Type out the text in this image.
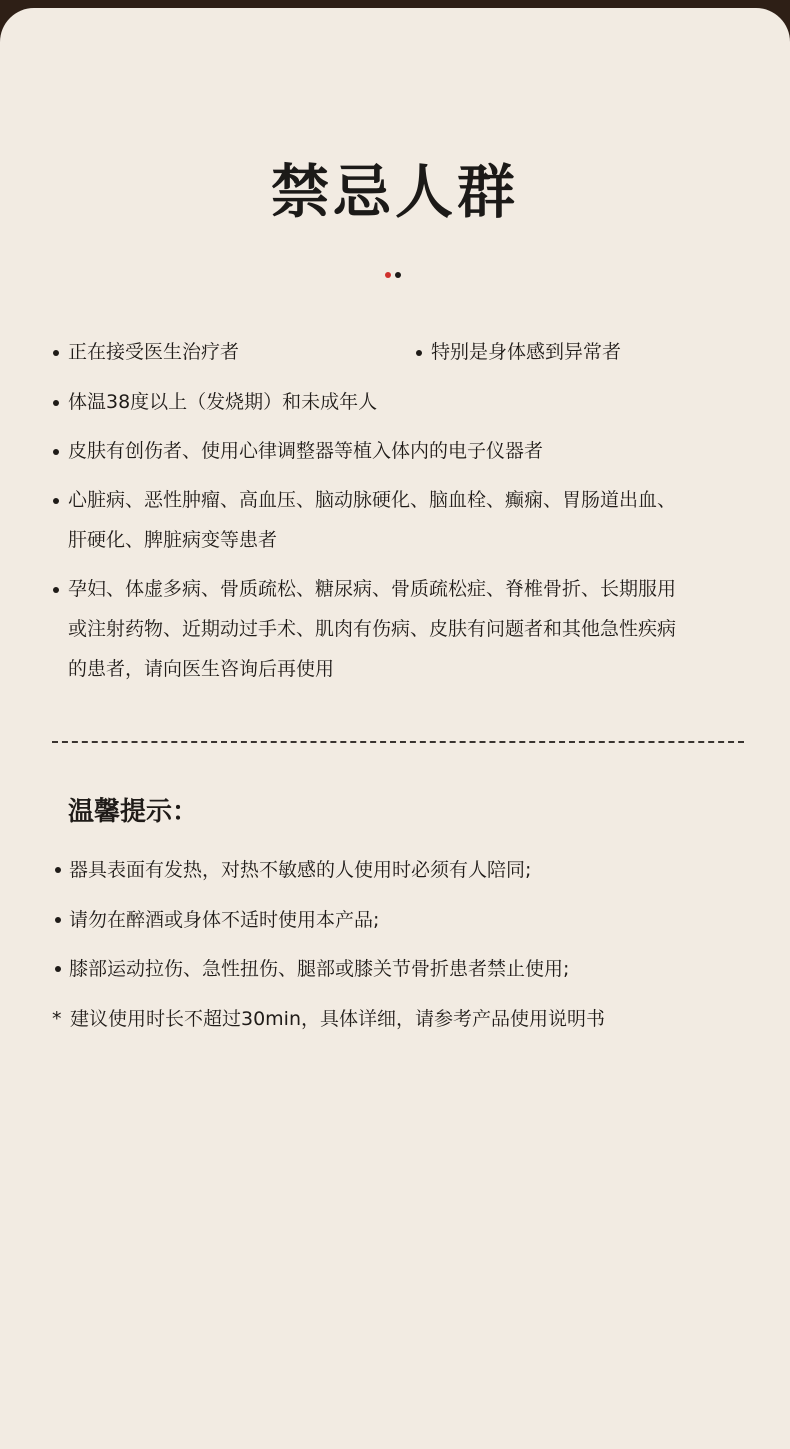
禁忌人群
正在接受医生治疗者	特别是身体感到异常者
体温38度以上（发烧期）和未成年人
皮肤有创伤者、使用心律调整器等植入体内的电子仪器者
心脏病、恶性肿瘤、高血压、脑动脉硬化、脑血栓、癫痫、胃肠道出血、
肝硬化、脾脏病变等患者
孕妇、体虚多病、骨质疏松、糖尿病、骨质疏松症、脊椎骨折、长期服用
或注射药物、近期动过手术、肌肉有伤病、皮肤有问题者和其他急性疾病
的患者，请向医生咨询后再使用
温馨提示：
器具表面有发热，对热不敏感的人使用时必须有人陪同;
请勿在醉酒或身体不适时使用本产品;
膝部运动拉伤、急性扭伤、腿部或膝关节骨折患者禁止使用;
* 建议使用时长不超过30min，具体详细，请参考产品使用说明书
